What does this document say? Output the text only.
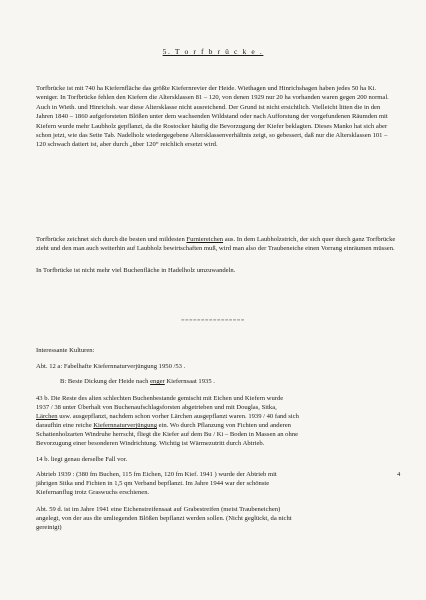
5. T o r f b r ü c k e .
Torfbrücke ist mit 740 ha Kiefernfläche das größte Kiefernrevier der Heide. Wiethagen und Hinrichshagen haben jedes 50 ha Ki. weniger. In Torfbrücke fehlen den Kiefern die Altersklassen 81 – 120, von denen 1929 nur 20 ha vorhanden waren gegen 200 normal. Auch in Wieth. und Hinrichsh. war diese Altersklasse nicht ausreichend. Der Grund ist nicht ersichtlich. Vielleicht litten die in den Jahren 1840 – 1860 aufgeforsteten Blößen unter dem wachsenden Wildstand oder nach Aufforstung der vorgefundenen Räumden mit Kiefern wurde mehr Laubholz gepflanzt, da die Rostocker häufig die Bevorzugung der Kiefer beklagten. Dieses Manko hat sich aber schon jetzt, wie das Seite Tab. Nadelholz wiedergegebene Altersklassenverhältnis zeigt, so gebessert, daß nur die Altersklassen 101 – 120 schwach datiert ist, aber durch „über 120“ reichlich ersetzt wird.
Torfbrücke zeichnet sich durch die besten und mildesten Furniereichen aus. In dem Laubholzstrich, der sich quer durch ganz Torfbrücke zieht und den man auch weiterhin auf Laubholz bewirtschaften muß, wird man also der Traubeneiche einen Vorrang einräumen müssen.
In Torfbrücke ist nicht mehr viel Buchenfläche in Hadelholz umzuwandeln.
================
Interessante Kulturen:
Abt. 12 a: Fabelhafte Kiefernnaturverjüngung 1950 /53 .
B: Beste Dickung der Heide nach enger Kiefernsaat 1935 .
43 b. Die Reste des alten schlechten Buchenbestande gemischt mit Eichen und Kiefern wurde
1937 / 38 unter Überhalt von Buchenaufschlagsforsten abgetrieben und mit Douglas, Sitka,
Lärchen usw. ausgepflanzt, nachdem schon vorher Lärchen ausgepflanzt waren. 1939 / 40 fand sich
daraufhin eine reiche Kiefernnaturverjüngung ein. Wo durch Pflanzung von Fichten und anderen
Schattenholzarten Windruhe herrscht, fliegt die Kiefer auf dem Bu / Ki – Boden in Massen an ohne
Bevorzugung einer besonderen Windrichtung. Wichtig ist Wärmezutritt durch Abtrieb.
14 b. liegt genau derselbe Fall vor.
Abtrieb 1939 : (380 fm Buchen, 115 fm Eichen, 120 fm Kief. 1941 ) wurde der Abtrieb mit
jährigen Sitka und Fichten in 1,5 qm Verband bepflanzt. Im Jahre 1944 war der schönste
Kiefernanflug trotz Graswuchs erschienen.
4
Abt. 59 d. ist im Jahre 1941 eine Eichenstreifensaat auf Grabestreifen (meist Traubeneichen)
angelegt, von der aus die umliegenden Blößen bepflanzt werden sollen. (Nicht geglückt, da nicht
gereinigt)
